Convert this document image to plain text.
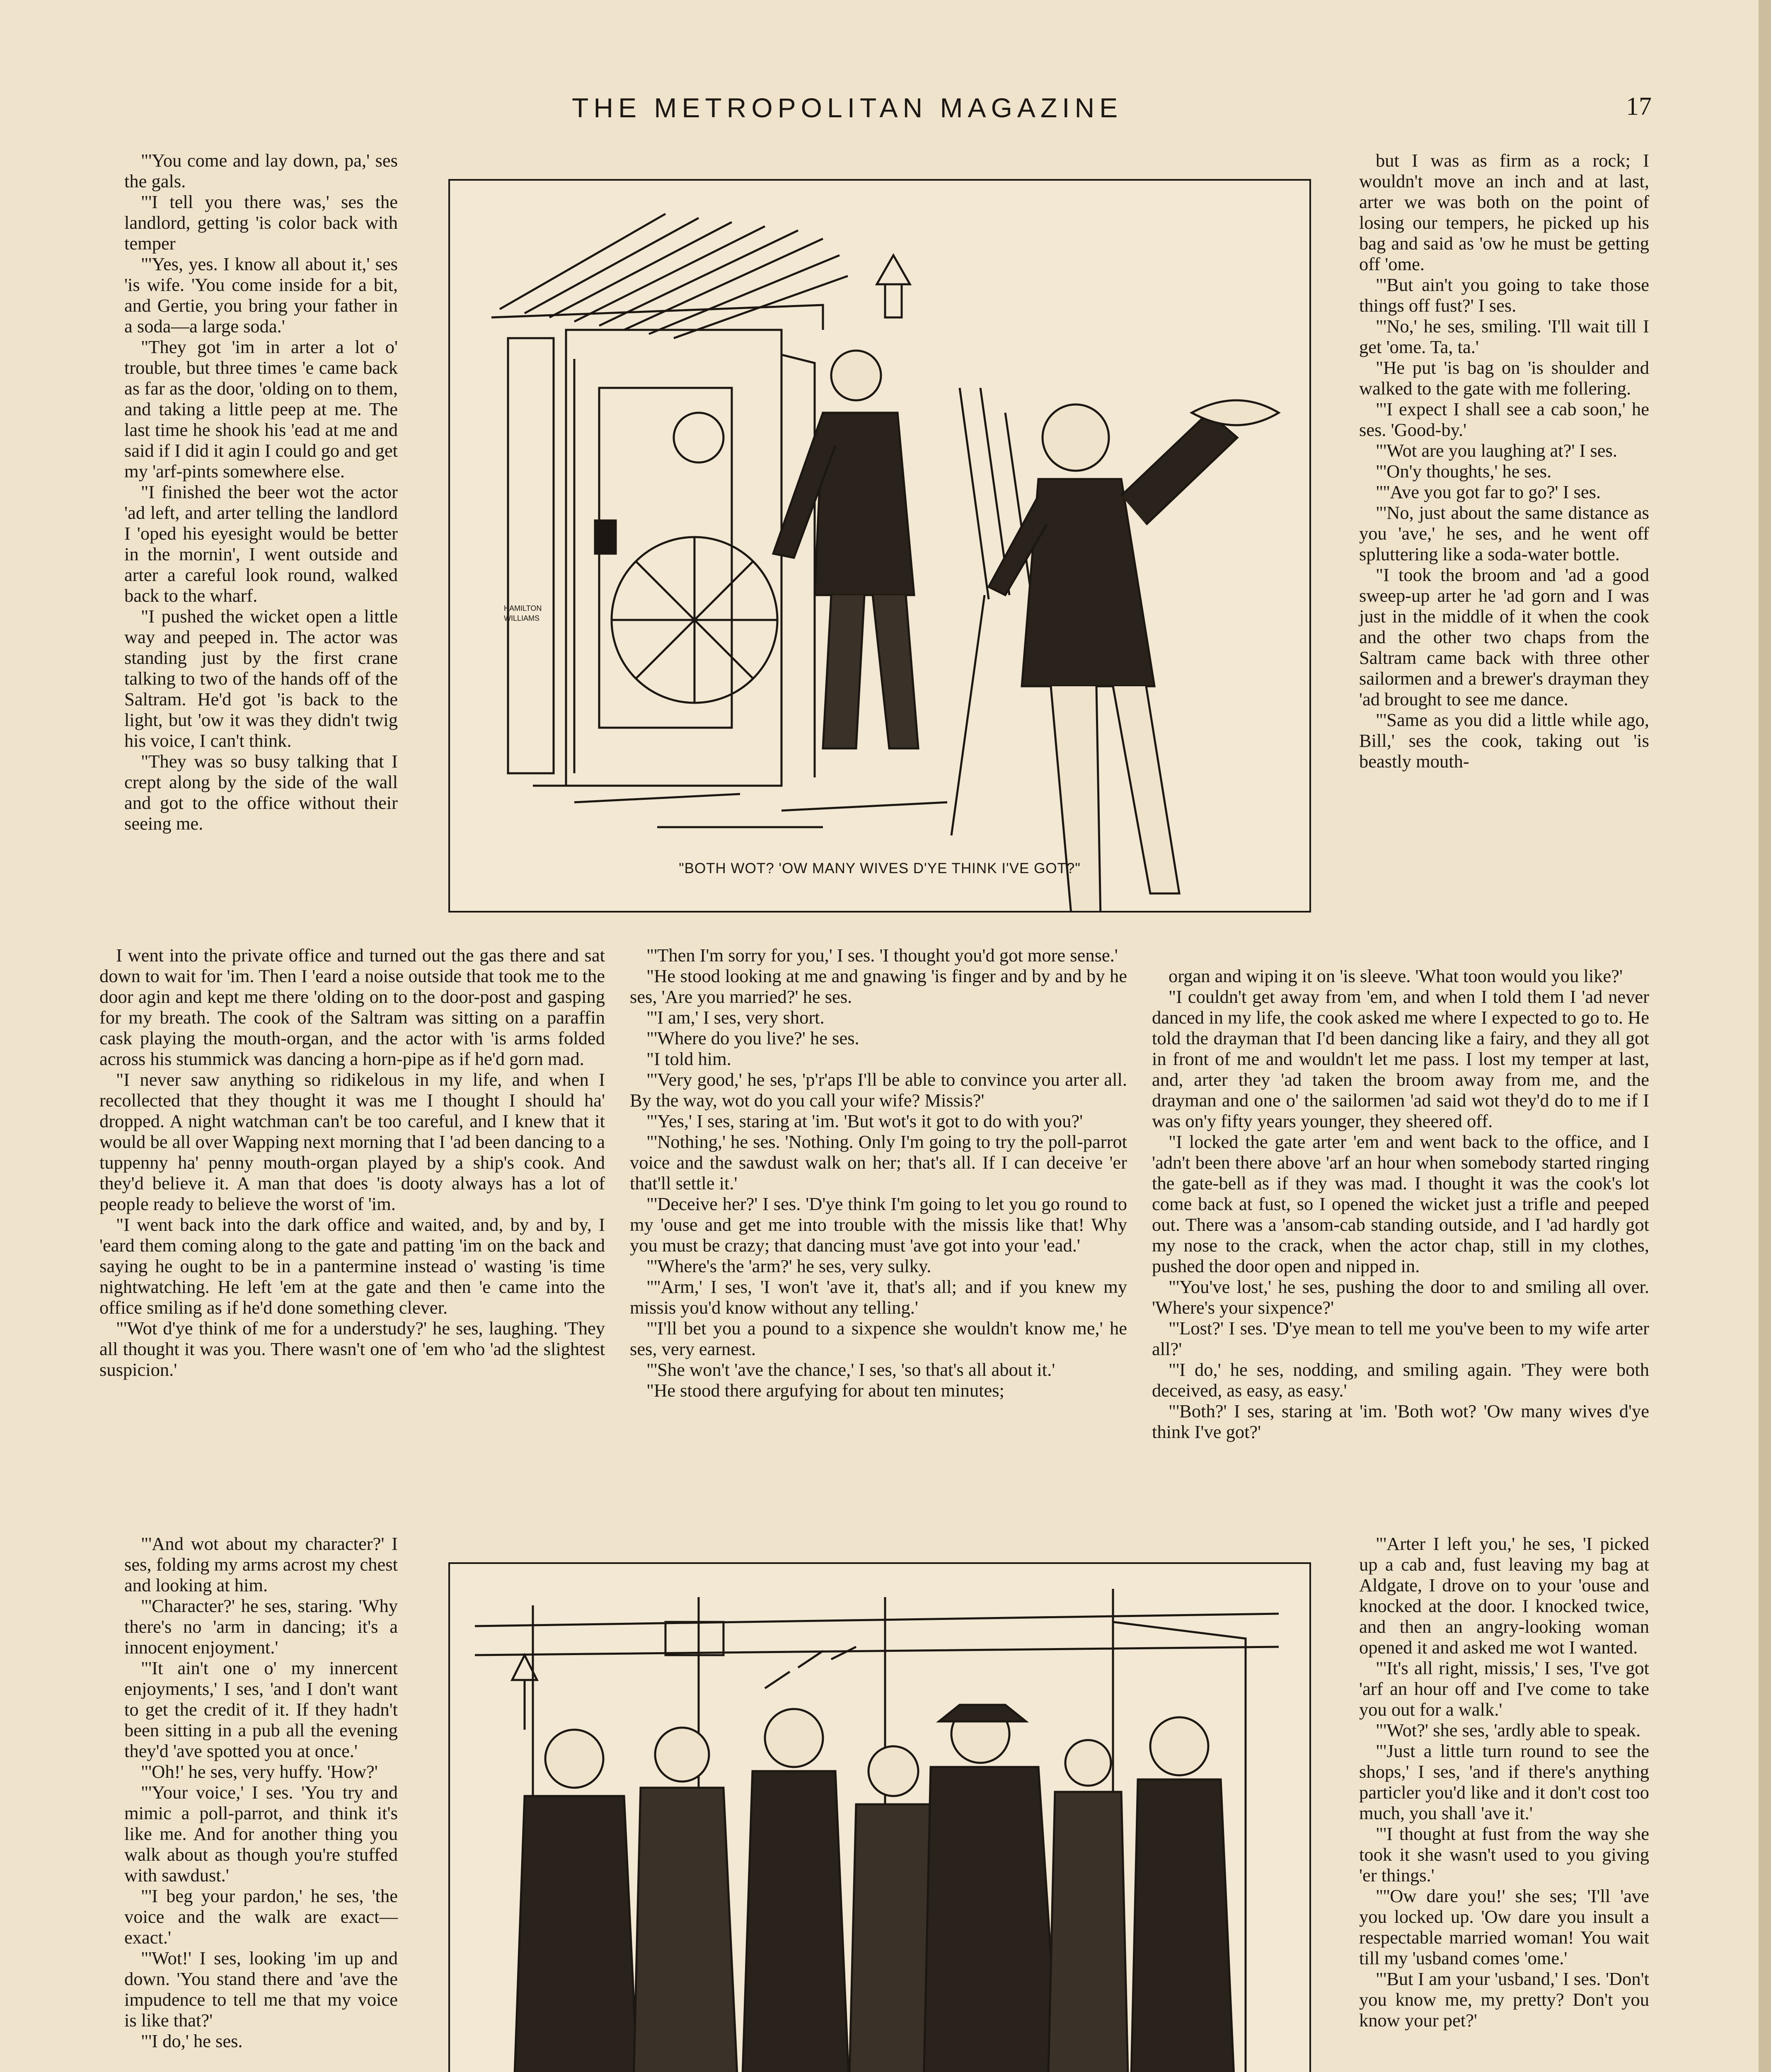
THE METROPOLITAN MAGAZINE	17

"'You come and lay down, pa,' ses the gals.

"'I tell you there was,' ses the landlord, getting 'is color back with temper

"'Yes, yes. I know all about it,' ses 'is wife. 'You come inside for a bit, and Gertie, you bring your father in a soda—a large soda.'

"They got 'im in arter a lot o' trouble, but three times 'e came back as far as the door, 'olding on to them, and taking a little peep at me. The last time he shook his 'ead at me and said if I did it agin I could go and get my 'arf-pints somewhere else.

"I finished the beer wot the actor 'ad left, and arter telling the landlord I 'oped his eyesight would be better in the mornin', I went outside and arter a careful look round, walked back to the wharf.

"I pushed the wicket open a little way and peeped in. The actor was standing just by the first crane talking to two of the hands off of the Saltram. He'd got 'is back to the light, but 'ow it was they didn't twig his voice, I can't think.

"They was so busy talking that I crept along by the side of the wall and got to the office without their seeing me.

I went into the private office and turned out the gas there and sat down to wait for 'im. Then I 'eard a noise outside that took me to the door agin and kept me there 'olding on to the door-post and gasping for my breath. The cook of the Saltram was sitting on a paraffin cask playing the mouth-organ, and the actor with 'is arms folded across his stummick was dancing a horn-pipe as if he'd gorn mad.

"I never saw anything so ridikelous in my life, and when I recollected that they thought it was me I thought I should ha' dropped. A night watchman can't be too careful, and I knew that it would be all over Wapping next morning that I 'ad been dancing to a tuppenny ha' penny mouth-organ played by a ship's cook. And they'd believe it. A man that does 'is dooty always has a lot of people ready to believe the worst of 'im.

"I went back into the dark office and waited, and, by and by, I 'eard them coming along to the gate and patting 'im on the back and saying he ought to be in a pantermine instead o' wasting 'is time nightwatching. He left 'em at the gate and then 'e came into the office smiling as if he'd done something clever.

"'Wot d'ye think of me for a understudy?' he ses, laughing. 'They all thought it was you. There wasn't one of 'em who 'ad the slightest suspicion.'

"'And wot about my character?' I ses, folding my arms acrost my chest and looking at him.

"'Character?' he ses, staring. 'Why there's no 'arm in dancing; it's a innocent enjoyment.'

"'It ain't one o' my innercent enjoyments,' I ses, 'and I don't want to get the credit of it. If they hadn't been sitting in a pub all the evening they'd 'ave spotted you at once.'

"'Oh!' he ses, very huffy. 'How?'

"'Your voice,' I ses. 'You try and mimic a poll-parrot, and think it's like me. And for another thing you walk about as though you're stuffed with sawdust.'

"'I beg your pardon,' he ses, 'the voice and the walk are exact—exact.'

"'Wot!' I ses, looking 'im up and down. 'You stand there and 'ave the impudence to tell me that my voice is like that?'

"'I do,' he ses.

"'Then I'm sorry for you,' I ses. 'I thought you'd got more sense.'

"He stood looking at me and gnawing 'is finger and by and by he ses, 'Are you married?' he ses.

"'I am,' I ses, very short.

"'Where do you live?' he ses.

"I told him.

"'Very good,' he ses, 'p'r'aps I'll be able to convince you arter all. By the way, wot do you call your wife? Missis?'

"'Yes,' I ses, staring at 'im. 'But wot's it got to do with you?'

"'Nothing,' he ses. 'Nothing. Only I'm going to try the poll-parrot voice and the sawdust walk on her; that's all. If I can deceive 'er that'll settle it.'

"'Deceive her?' I ses. 'D'ye think I'm going to let you go round to my 'ouse and get me into trouble with the missis like that! Why you must be crazy; that dancing must 'ave got into your 'ead.'

"'Where's the 'arm?' he ses, very sulky.

"''Arm,' I ses, 'I won't 'ave it, that's all; and if you knew my missis you'd know without any telling.'

"'I'll bet you a pound to a sixpence she wouldn't know me,' he ses, very earnest.

"'She won't 'ave the chance,' I ses, 'so that's all about it.'

"He stood there argufying for about ten minutes;

but I was as firm as a rock; I wouldn't move an inch and at last, arter we was both on the point of losing our tempers, he picked up his bag and said as 'ow he must be getting off 'ome.

"'But ain't you going to take those things off fust?' I ses.

"'No,' he ses, smiling. 'I'll wait till I get 'ome. Ta, ta.'

"He put 'is bag on 'is shoulder and walked to the gate with me follering.

"'I expect I shall see a cab soon,' he ses. 'Good-by.'

"'Wot are you laughing at?' I ses.

"'On'y thoughts,' he ses.

"''Ave you got far to go?' I ses.

"'No, just about the same distance as you 'ave,' he ses, and he went off spluttering like a soda-water bottle.

"I took the broom and 'ad a good sweep-up arter he 'ad gorn and I was just in the middle of it when the cook and the other two chaps from the Saltram came back with three other sailormen and a brewer's drayman they 'ad brought to see me dance.

"'Same as you did a little while ago, Bill,' ses the cook, taking out 'is beastly mouth-

organ and wiping it on 'is sleeve. 'What toon would you like?'

"I couldn't get away from 'em, and when I told them I 'ad never danced in my life, the cook asked me where I expected to go to. He told the drayman that I'd been dancing like a fairy, and they all got in front of me and wouldn't let me pass. I lost my temper at last, and, arter they 'ad taken the broom away from me, and the drayman and one o' the sailormen 'ad said wot they'd do to me if I was on'y fifty years younger, they sheered off.

"I locked the gate arter 'em and went back to the office, and I 'adn't been there above 'arf an hour when somebody started ringing the gate-bell as if they was mad. I thought it was the cook's lot come back at fust, so I opened the wicket just a trifle and peeped out. There was a 'ansom-cab standing outside, and I 'ad hardly got my nose to the crack, when the actor chap, still in my clothes, pushed the door open and nipped in.

"'You've lost,' he ses, pushing the door to and smiling all over. 'Where's your sixpence?'

"'Lost?' I ses. 'D'ye mean to tell me you've been to my wife arter all?'

"'I do,' he ses, nodding, and smiling again. 'They were both deceived, as easy, as easy.'

"'Both?' I ses, staring at 'im. 'Both wot? 'Ow many wives d'ye think I've got?'

"'Arter I left you,' he ses, 'I picked up a cab and, fust leaving my bag at Aldgate, I drove on to your 'ouse and knocked at the door. I knocked twice, and then an angry-looking woman opened it and asked me wot I wanted.

"'It's all right, missis,' I ses, 'I've got 'arf an hour off and I've come to take you out for a walk.'

"'Wot?' she ses, 'ardly able to speak.

"'Just a little turn round to see the shops,' I ses, 'and if there's anything particler you'd like and it don't cost too much, you shall 'ave it.'

"'I thought at fust from the way she took it she wasn't used to you giving 'er things.'

"''Ow dare you!' she ses; 'I'll 'ave you locked up. 'Ow dare you insult a respectable married woman! You wait till my 'usband comes 'ome.'

"'But I am your 'usband,' I ses. 'Don't you know me, my pretty? Don't you know your pet?'

HAMILTON
WILLIAMS
"BOTH WOT? 'OW MANY WIVES D'YE THINK I'VE GOT?"
